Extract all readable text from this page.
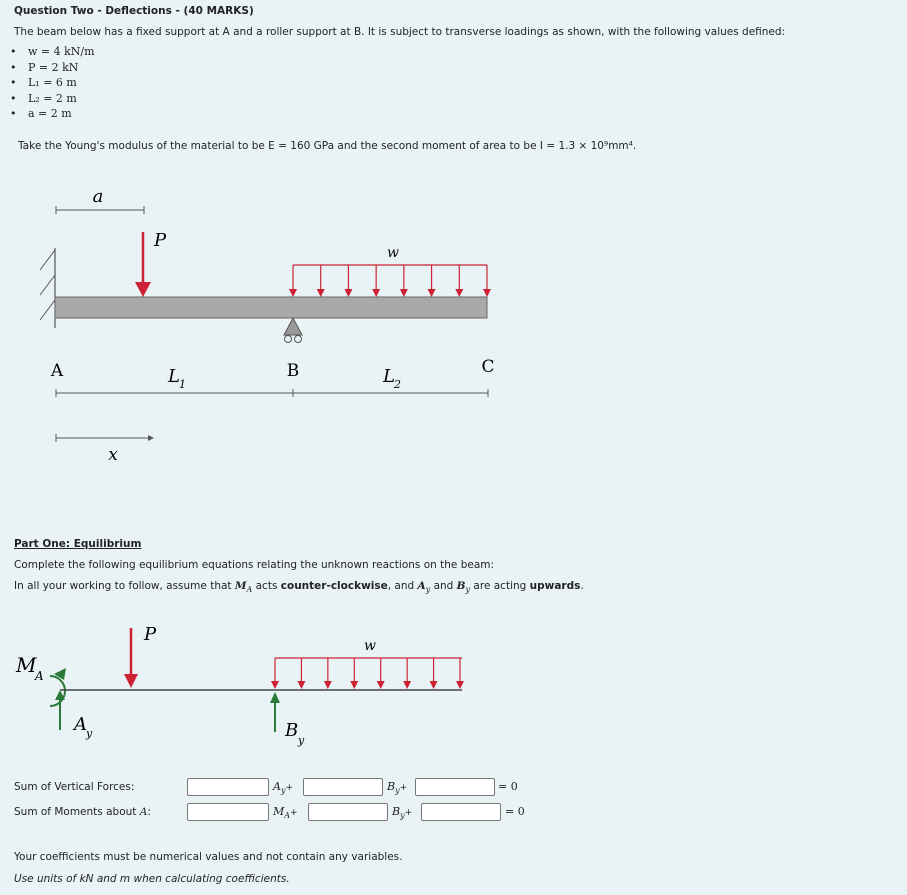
Question Two - Deflections - (40 MARKS)
The beam below has a fixed support at A and a roller support at B. It is subject to transverse loadings as shown, with the following values defined:
• w = 4 kN/m
• P = 2 kN
• L₁ = 6 m
• L₂ = 2 m
• a = 2 m
Take the Young's modulus of the material to be E = 160 GPa and the second moment of area to be I = 1.3 × 10⁹mm⁴.
a
P
w
A	B	C
L 1	L 2
x
Part One: Equilibrium
Complete the following equilibrium equations relating the unknown reactions on the beam:
In all your working to follow, assume that $M_A$ acts counter-clockwise, and $A_y$ and $B_y$ are acting upwards.
M
A
A y
P
w
B y
Sum of Vertical Forces:	$A_y+$	$B_y+$	= 0
Sum of Moments about A:	$M_A+$	$B_y+$	= 0
Your coefficients must be numerical values and not contain any variables.
Use units of kN and m when calculating coefficients.
